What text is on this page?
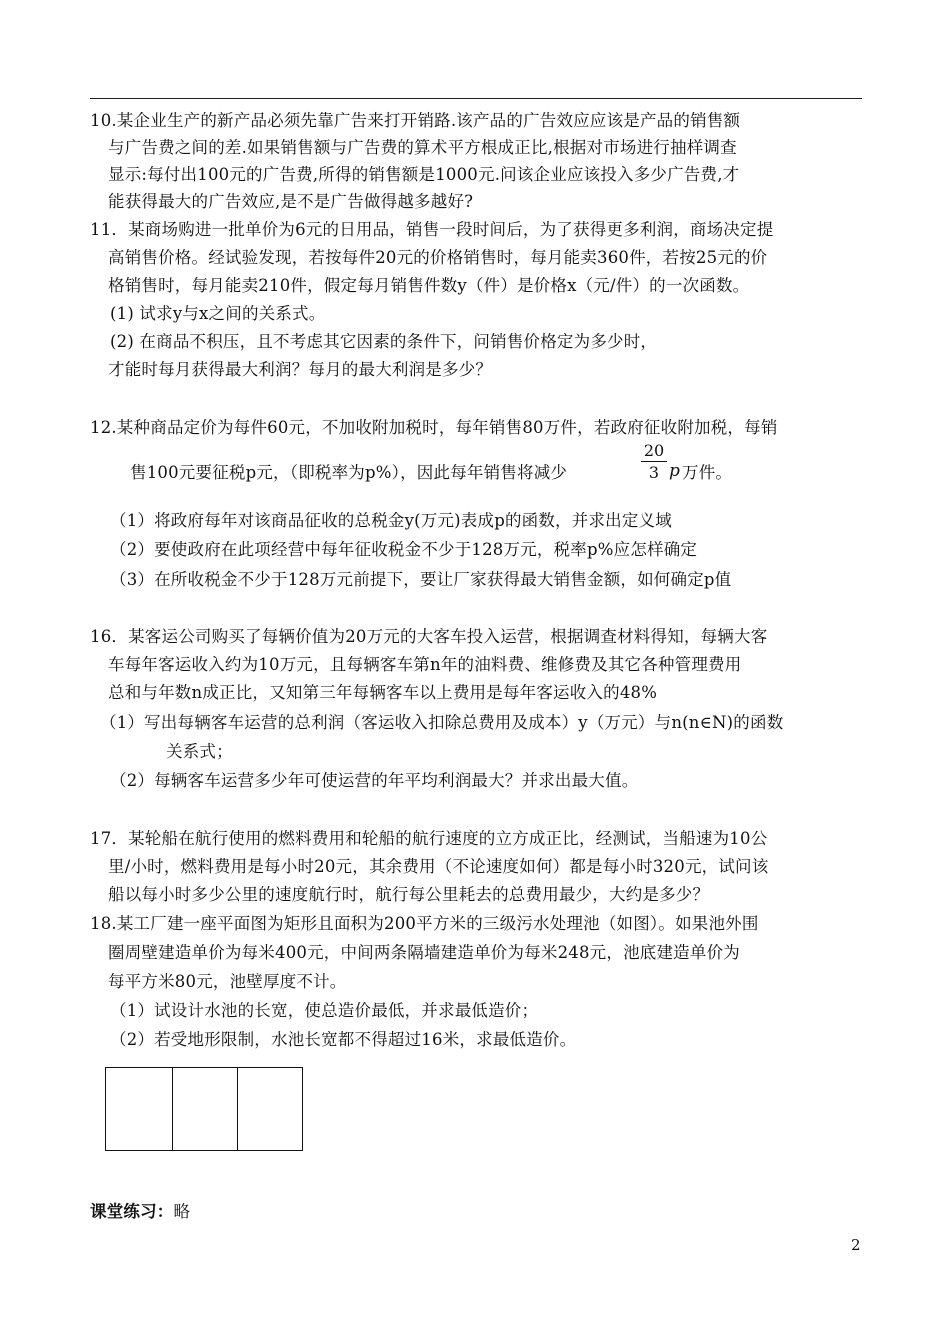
10.某企业生产的新产品必须先靠广告来打开销路.该产品的广告效应应该是产品的销售额
与广告费之间的差.如果销售额与广告费的算术平方根成正比,根据对市场进行抽样调查
显示:每付出100元的广告费,所得的销售额是1000元.问该企业应该投入多少广告费,才
能获得最大的广告效应,是不是广告做得越多越好?
11．某商场购进一批单价为6元的日用品，销售一段时间后，为了获得更多利润，商场决定提
高销售价格。经试验发现，若按每件20元的价格销售时，每月能卖360件，若按25元的价
格销售时，每月能卖210件，假定每月销售件数y（件）是价格x（元/件）的一次函数。
(1) 试求y与x之间的关系式。
(2) 在商品不积压，且不考虑其它因素的条件下，问销售价格定为多少时，
才能时每月获得最大利润？每月的最大利润是多少？
12.某种商品定价为每件60元，不加收附加税时，每年销售80万件，若政府征收附加税，每销
售100元要征税p元，（即税率为p%），因此每年销售将减少	$\frac{20}{3}$ p 万件。
（1）将政府每年对该商品征收的总税金y(万元)表成p的函数，并求出定义域
（2）要使政府在此项经营中每年征收税金不少于128万元，税率p%应怎样确定
（3）在所收税金不少于128万元前提下，要让厂家获得最大销售金额，如何确定p值
16．某客运公司购买了每辆价值为20万元的大客车投入运营，根据调查材料得知，每辆大客
车每年客运收入约为10万元，且每辆客车第n年的油料费、维修费及其它各种管理费用
总和与年数n成正比，又知第三年每辆客车以上费用是每年客运收入的48%
（1）写出每辆客车运营的总利润（客运收入扣除总费用及成本）y（万元）与n(n∈N)的函数
关系式；
（2）每辆客车运营多少年可使运营的年平均利润最大？并求出最大值。
17．某轮船在航行使用的燃料费用和轮船的航行速度的立方成正比，经测试，当船速为10公
里/小时，燃料费用是每小时20元，其余费用（不论速度如何）都是每小时320元，试问该
船以每小时多少公里的速度航行时，航行每公里耗去的总费用最少，大约是多少？
18.某工厂建一座平面图为矩形且面积为200平方米的三级污水处理池（如图）。如果池外围
圈周壁建造单价为每米400元，中间两条隔墙建造单价为每米248元，池底建造单价为
每平方米80元，池壁厚度不计。
（1）试设计水池的长宽，使总造价最低，并求最低造价；
（2）若受地形限制，水池长宽都不得超过16米，求最低造价。
课堂练习：略
2
